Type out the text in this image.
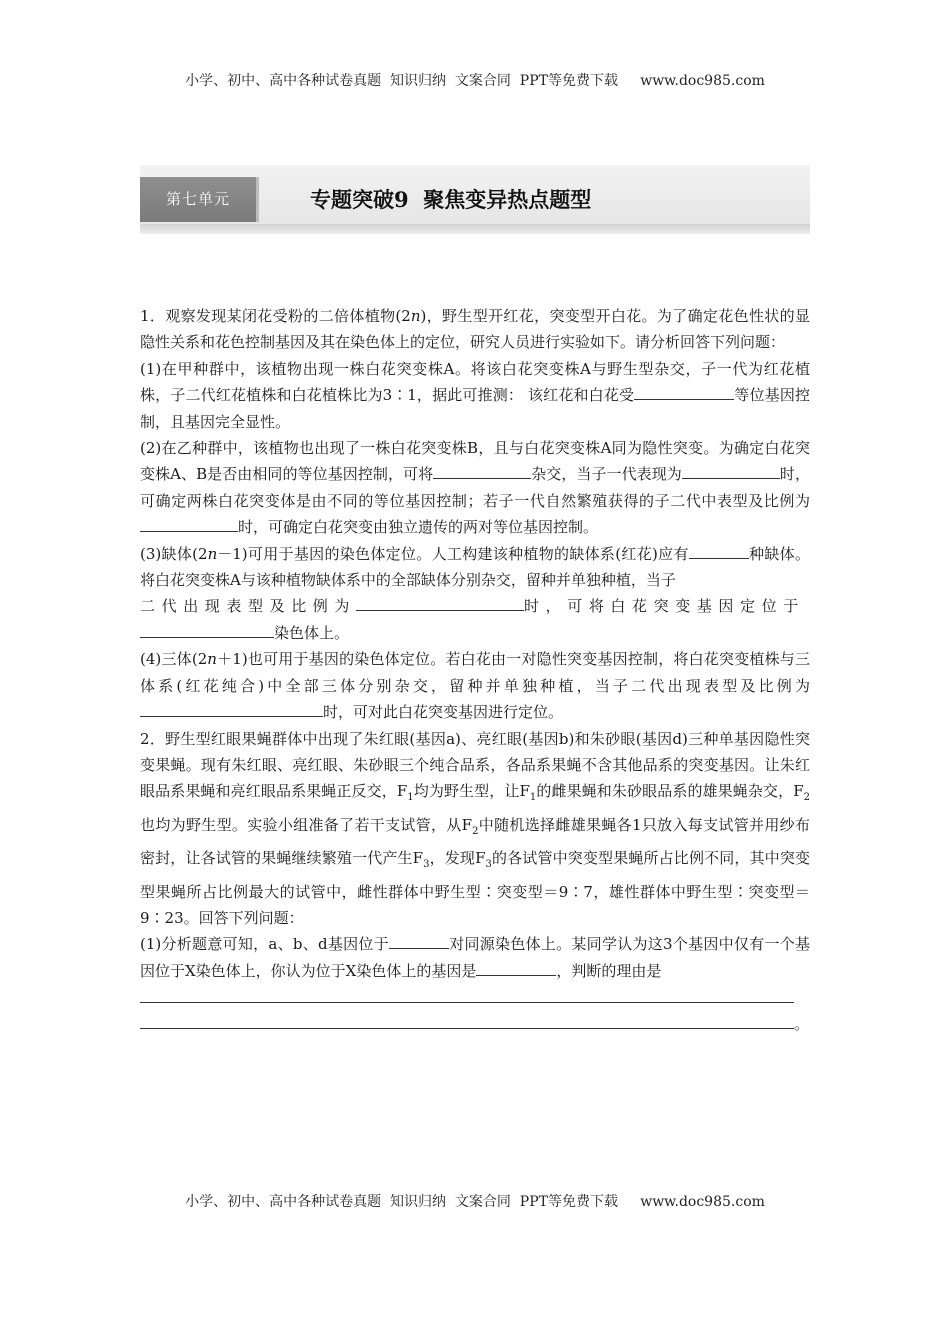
小学、初中、高中各种试卷真题  知识归纳  文案合同  PPT等免费下载     www.doc985.com
第七单元	专题突破9  聚焦变异热点题型

1．观察发现某闭花受粉的二倍体植物(2n)，野生型开红花，突变型开白花。为了确定花色性状的显隐性关系和花色控制基因及其在染色体上的定位，研究人员进行实验如下。请分析回答下列问题：

(1)在甲种群中，该植物出现一株白花突变株A。将该白花突变株A与野生型杂交，子一代为红花植株，子二代红花植株和白花植株比为3∶1，据此可推测： 该红花和白花受	等位基因控制，且基因完全显性。

(2)在乙种群中，该植物也出现了一株白花突变株B，且与白花突变株A同为隐性突变。为确定白花突变株A、B是否由相同的等位基因控制，可将	杂交，当子一代表现为	时，可确定两株白花突变体是由不同的等位基因控制；若子一代自然繁殖获得的子二代中表型及比例为时，可确定白花突变由独立遗传的两对等位基因控制。

(3)缺体(2n－1)可用于基因的染色体定位。人工构建该种植物的缺体系(红花)应有	种缺体。将白花突变株A与该种植物缺体系中的全部缺体分别杂交，留种并单独种植，当子
二代出现表型及比例为	时，可将白花突变基因定位于
染色体上。

(4)三体(2n＋1)也可用于基因的染色体定位。若白花由一对隐性突变基因控制，将白花突变植株与三体系(红花纯合)中全部三体分别杂交，留种并单独种植，当子二代出现表型及比例为时，可对此白花突变基因进行定位。

2．野生型红眼果蝇群体中出现了朱红眼(基因a)、亮红眼(基因b)和朱砂眼(基因d)三种单基因隐性突变果蝇。现有朱红眼、亮红眼、朱砂眼三个纯合品系，各品系果蝇不含其他品系的突变基因。让朱红眼品系果蝇和亮红眼品系果蝇正反交，$F_1$均为野生型，让$F_1$的雌果蝇和朱砂眼品系的雄果蝇杂交，$F_2$也均为野生型。实验小组准备了若干支试管，从$F_2$中随机选择雌雄果蝇各1只放入每支试管并用纱布密封，让各试管的果蝇继续繁殖一代产生$F_3$，发现$F_3$的各试管中突变型果蝇所占比例不同，其中突变型果蝇所占比例最大的试管中，雌性群体中野生型∶突变型＝9∶7，雄性群体中野生型∶突变型＝9∶23。回答下列问题：

(1)分析题意可知，a、b、d基因位于	对同源染色体上。某同学认为这3个基因中仅有一个基因位于X染色体上，你认为位于X染色体上的基因是	，判断的理由是

。
小学、初中、高中各种试卷真题  知识归纳  文案合同  PPT等免费下载     www.doc985.com
